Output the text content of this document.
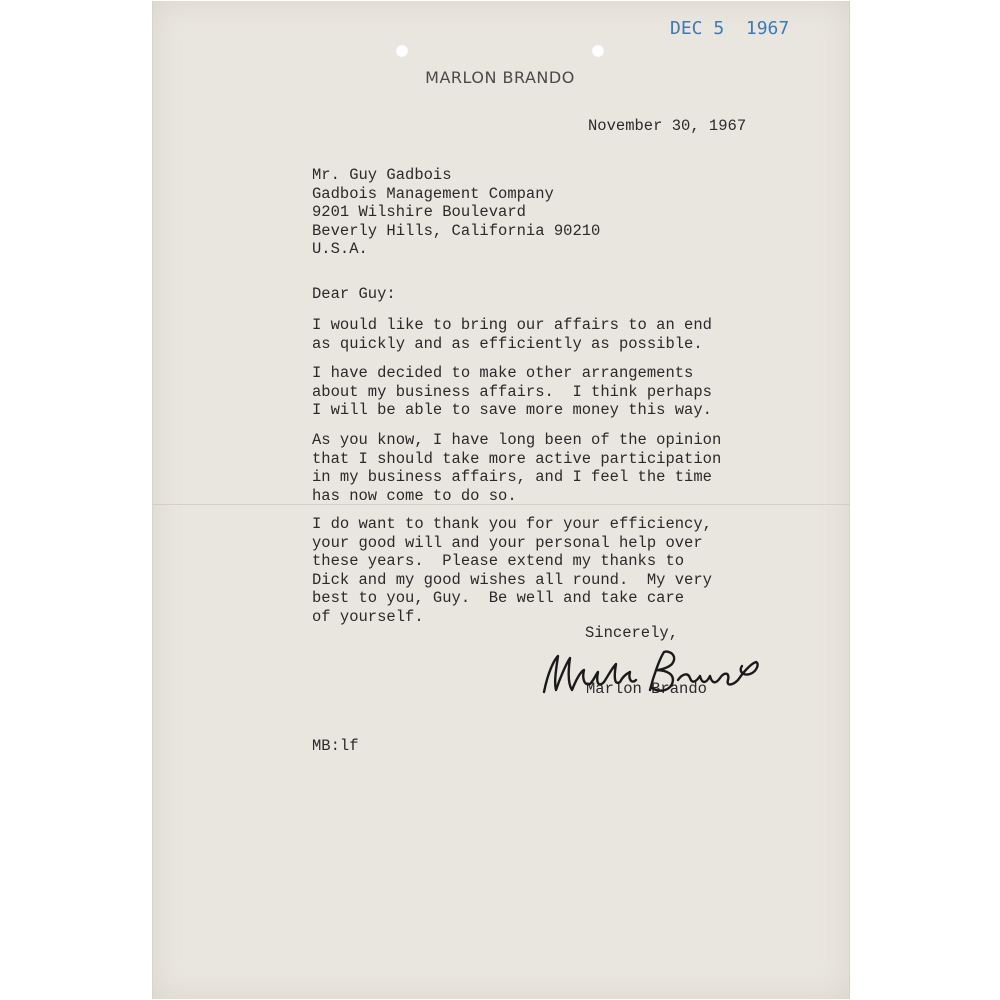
DEC 5  1967
MARLON BRANDO
November 30, 1967
Mr. Guy Gadbois
Gadbois Management Company
9201 Wilshire Boulevard
Beverly Hills, California 90210
U.S.A.
Dear Guy:
I would like to bring our affairs to an end
as quickly and as efficiently as possible.
I have decided to make other arrangements
about my business affairs.  I think perhaps
I will be able to save more money this way.
As you know, I have long been of the opinion
that I should take more active participation
in my business affairs, and I feel the time
has now come to do so.
I do want to thank you for your efficiency,
your good will and your personal help over
these years.  Please extend my thanks to
Dick and my good wishes all round.  My very
best to you, Guy.  Be well and take care
of yourself.
Sincerely,
Marlon Brando
MB:lf
